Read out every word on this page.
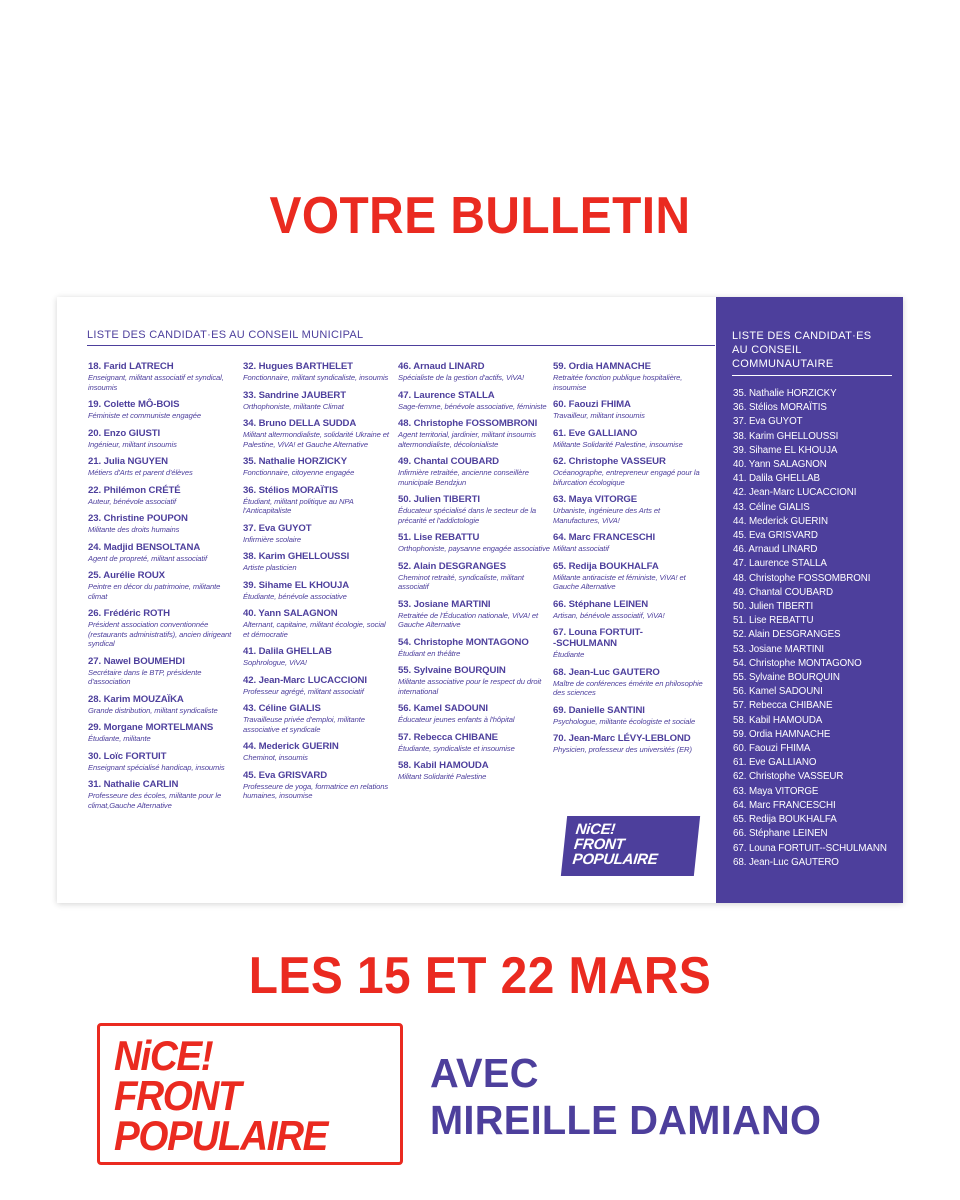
VOTRE BULLETIN
LISTE DES CANDIDAT·ES AU CONSEIL MUNICIPAL
18. Farid LATRECH
Enseignant, militant associatif et syndical, insoumis
19. Colette MÔ-BOIS
Féministe et communiste engagée
20. Enzo GIUSTI
Ingénieur, militant insoumis
21. Julia NGUYEN
Métiers d'Arts et parent d'élèves
22. Philémon CRÉTÉ
Auteur, bénévole associatif
23. Christine POUPON
Militante des droits humains
24. Madjid BENSOLTANA
Agent de propreté, militant associatif
25. Aurélie ROUX
Peintre en décor du patrimoine, militante climat
26. Frédéric ROTH
Président association conventionnée (restaurants administratifs), ancien dirigeant syndical
27. Nawel BOUMEHDI
Secrétaire dans le BTP, présidente d'association
28. Karim MOUZAÏKA
Grande distribution, militant syndicaliste
29. Morgane MORTELMANS
Étudiante, militante
30. Loïc FORTUIT
Enseignant spécialisé handicap, insoumis
31. Nathalie CARLIN
Professeure des écoles, militante pour le climat,Gauche Alternative
32. Hugues BARTHELET
Fonctionnaire, militant syndicaliste, insoumis
33. Sandrine JAUBERT
Orthophoniste, militante Climat
34. Bruno DELLA SUDDA
Militant altermondialiste, solidarité Ukraine et Palestine, ViVA! et Gauche Alternative
35. Nathalie HORZICKY
Fonctionnaire, citoyenne engagée
36. Stélios MORAÏTIS
Étudiant, militant politique au NPA l'Anticapitaliste
37. Eva GUYOT
Infirmière scolaire
38. Karim GHELLOUSSI
Artiste plasticien
39. Sihame EL KHOUJA
Étudiante, bénévole associative
40. Yann SALAGNON
Alternant, capitaine, militant écologie, social et démocratie
41. Dalila GHELLAB
Sophrologue, ViVA!
42. Jean-Marc LUCACCIONI
Professeur agrégé, militant associatif
43. Céline GIALIS
Travailleuse privée d'emploi, militante associative et syndicale
44. Mederick GUERIN
Cheminot, insoumis
45. Eva GRISVARD
Professeure de yoga, formatrice en relations humaines, insoumise
46. Arnaud LINARD
Spécialiste de la gestion d'actifs, ViVA!
47. Laurence STALLA
Sage-femme, bénévole associative, féministe
48. Christophe FOSSOMBRONI
Agent territorial, jardinier, militant insoumis altermondialiste, décolonialiste
49. Chantal COUBARD
Infirmière retraitée, ancienne conseillère municipale Bendzjun
50. Julien TIBERTI
Éducateur spécialisé dans le secteur de la précarité et l'addictologie
51. Lise REBATTU
Orthophoniste, paysanne engagée associative
52. Alain DESGRANGES
Cheminot retraité, syndicaliste, militant associatif
53. Josiane MARTINI
Retraitée de l'Éducation nationale, ViVA! et Gauche Alternative
54. Christophe MONTAGONO
Étudiant en théâtre
55. Sylvaine BOURQUIN
Militante associative pour le respect du droit international
56. Kamel SADOUNI
Éducateur jeunes enfants à l'hôpital
57. Rebecca CHIBANE
Étudiante, syndicaliste et insoumise
58. Kabil HAMOUDA
Militant Solidarité Palestine
59. Ordia HAMNACHE
Retraitée fonction publique hospitalière, insoumise
60. Faouzi FHIMA
Travailleur, militant insoumis
61. Eve GALLIANO
Militante Solidarité Palestine, insoumise
62. Christophe VASSEUR
Océanographe, entrepreneur engagé pour la bifurcation écologique
63. Maya VITORGE
Urbaniste, ingénieure des Arts et Manufactures, ViVA!
64. Marc FRANCESCHI
Militant associatif
65. Redija BOUKHALFA
Militante antiraciste et féministe, ViVA! et Gauche Alternative
66. Stéphane LEINEN
Artisan, bénévole associatif, ViVA!
67. Louna FORTUIT-
-SCHULMANN
Étudiante
68. Jean-Luc GAUTERO
Maître de conférences émérite en philosophie des sciences
69. Danielle SANTINI
Psychologue, militante écologiste et sociale
70. Jean-Marc LÉVY-LEBLOND
Physicien, professeur des universités (ER)
NiCE!
FRONT
POPULAIRE
LISTE DES CANDIDAT·ES
AU CONSEIL
COMMUNAUTAIRE
35. Nathalie HORZICKY
36. Stélios MORAÏTIS
37. Eva GUYOT
38. Karim GHELLOUSSI
39. Sihame EL KHOUJA
40. Yann SALAGNON
41. Dalila GHELLAB
42. Jean-Marc LUCACCIONI
43. Céline GIALIS
44. Mederick GUERIN
45. Eva GRISVARD
46. Arnaud LINARD
47. Laurence STALLA
48. Christophe FOSSOMBRONI
49. Chantal COUBARD
50. Julien TIBERTI
51. Lise REBATTU
52. Alain DESGRANGES
53. Josiane MARTINI
54. Christophe MONTAGONO
55. Sylvaine BOURQUIN
56. Kamel SADOUNI
57. Rebecca CHIBANE
58. Kabil HAMOUDA
59. Ordia HAMNACHE
60. Faouzi FHIMA
61. Eve GALLIANO
62. Christophe VASSEUR
63. Maya VITORGE
64. Marc FRANCESCHI
65. Redija BOUKHALFA
66. Stéphane LEINEN
67. Louna FORTUIT--SCHULMANN
68. Jean-Luc GAUTERO
LES 15 ET 22 MARS
NiCE!
FRONT
POPULAIRE
AVEC
MIREILLE DAMIANO
